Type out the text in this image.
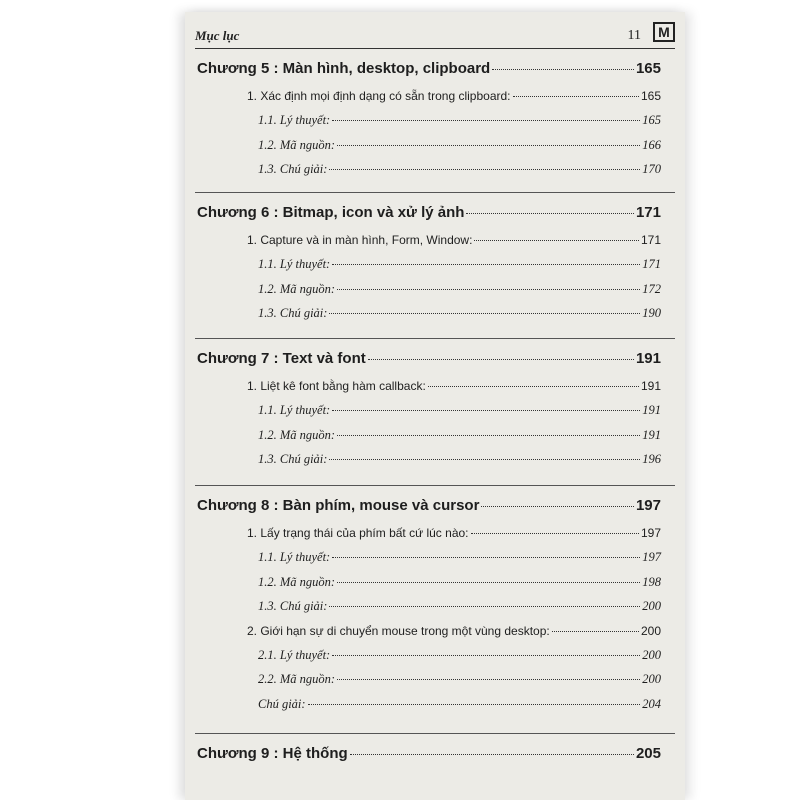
Mục lục	11	M
Chương 5 : Màn hình, desktop, clipboard	165
1. Xác định mọi định dạng có sẵn trong clipboard:	165
1.1. Lý thuyết:	165
1.2. Mã nguồn:	166
1.3. Chú giải:	170
Chương 6 : Bitmap, icon và xử lý ảnh	171
1. Capture và in màn hình, Form, Window:	171
1.1. Lý thuyết:	171
1.2. Mã nguồn:	172
1.3. Chú giải:	190
Chương 7 : Text và font	191
1. Liệt kê font bằng hàm callback:	191
1.1. Lý thuyết:	191
1.2. Mã nguồn:	191
1.3. Chú giải:	196
Chương 8 : Bàn phím, mouse và cursor	197
1. Lấy trạng thái của phím bất cứ lúc nào:	197
1.1. Lý thuyết:	197
1.2. Mã nguồn:	198
1.3. Chú giải:	200
2. Giới hạn sự di chuyển mouse trong một vùng desktop:	200
2.1. Lý thuyết:	200
2.2. Mã nguồn:	200
Chú giải:	204
Chương 9 : Hệ thống	205
